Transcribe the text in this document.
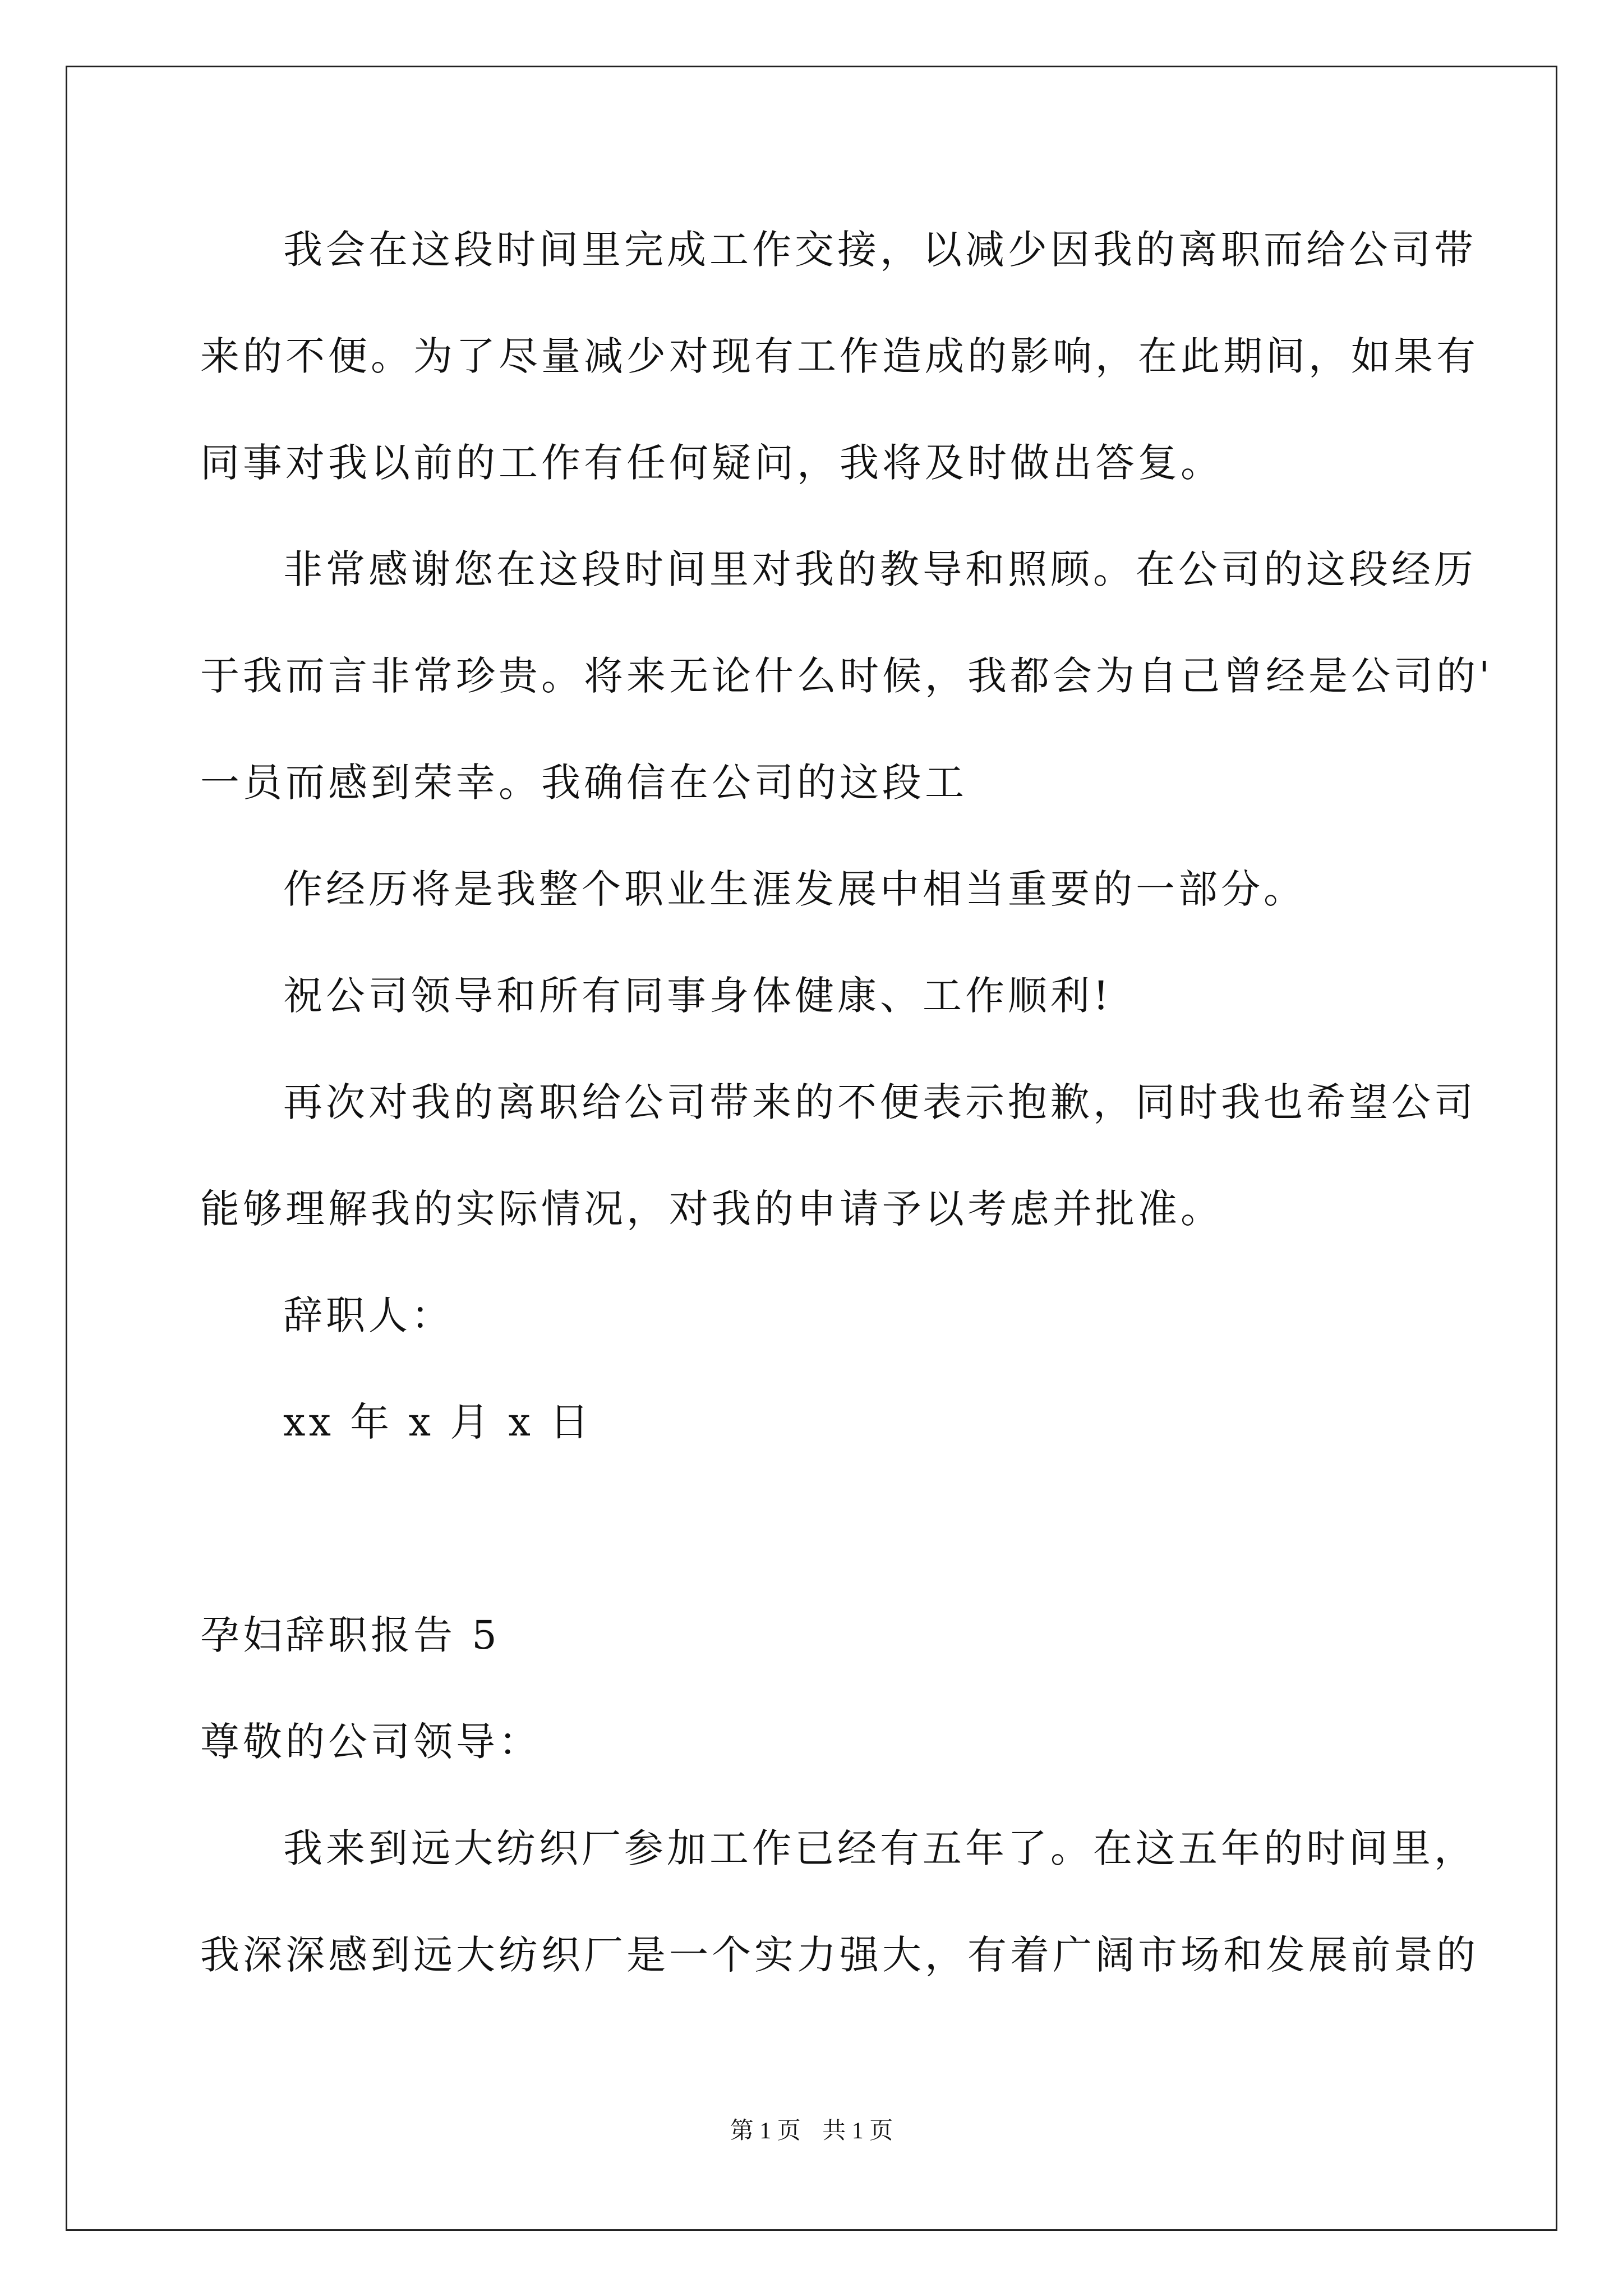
我会在这段时间里完成工作交接，以减少因我的离职而给公司带
来的不便。为了尽量减少对现有工作造成的影响，在此期间，如果有
同事对我以前的工作有任何疑问，我将及时做出答复。
非常感谢您在这段时间里对我的教导和照顾。在公司的这段经历
于我而言非常珍贵。将来无论什么时候，我都会为自己曾经是公司的'
一员而感到荣幸。我确信在公司的这段工
作经历将是我整个职业生涯发展中相当重要的一部分。
祝公司领导和所有同事身体健康、工作顺利!
再次对我的离职给公司带来的不便表示抱歉，同时我也希望公司
能够理解我的实际情况，对我的申请予以考虑并批准。
辞职人：
xx 年 x 月 x 日
孕妇辞职报告 5
尊敬的公司领导：
我来到远大纺织厂参加工作已经有五年了。在这五年的时间里，
我深深感到远大纺织厂是一个实力强大，有着广阔市场和发展前景的
第 1 页 共 1 页
